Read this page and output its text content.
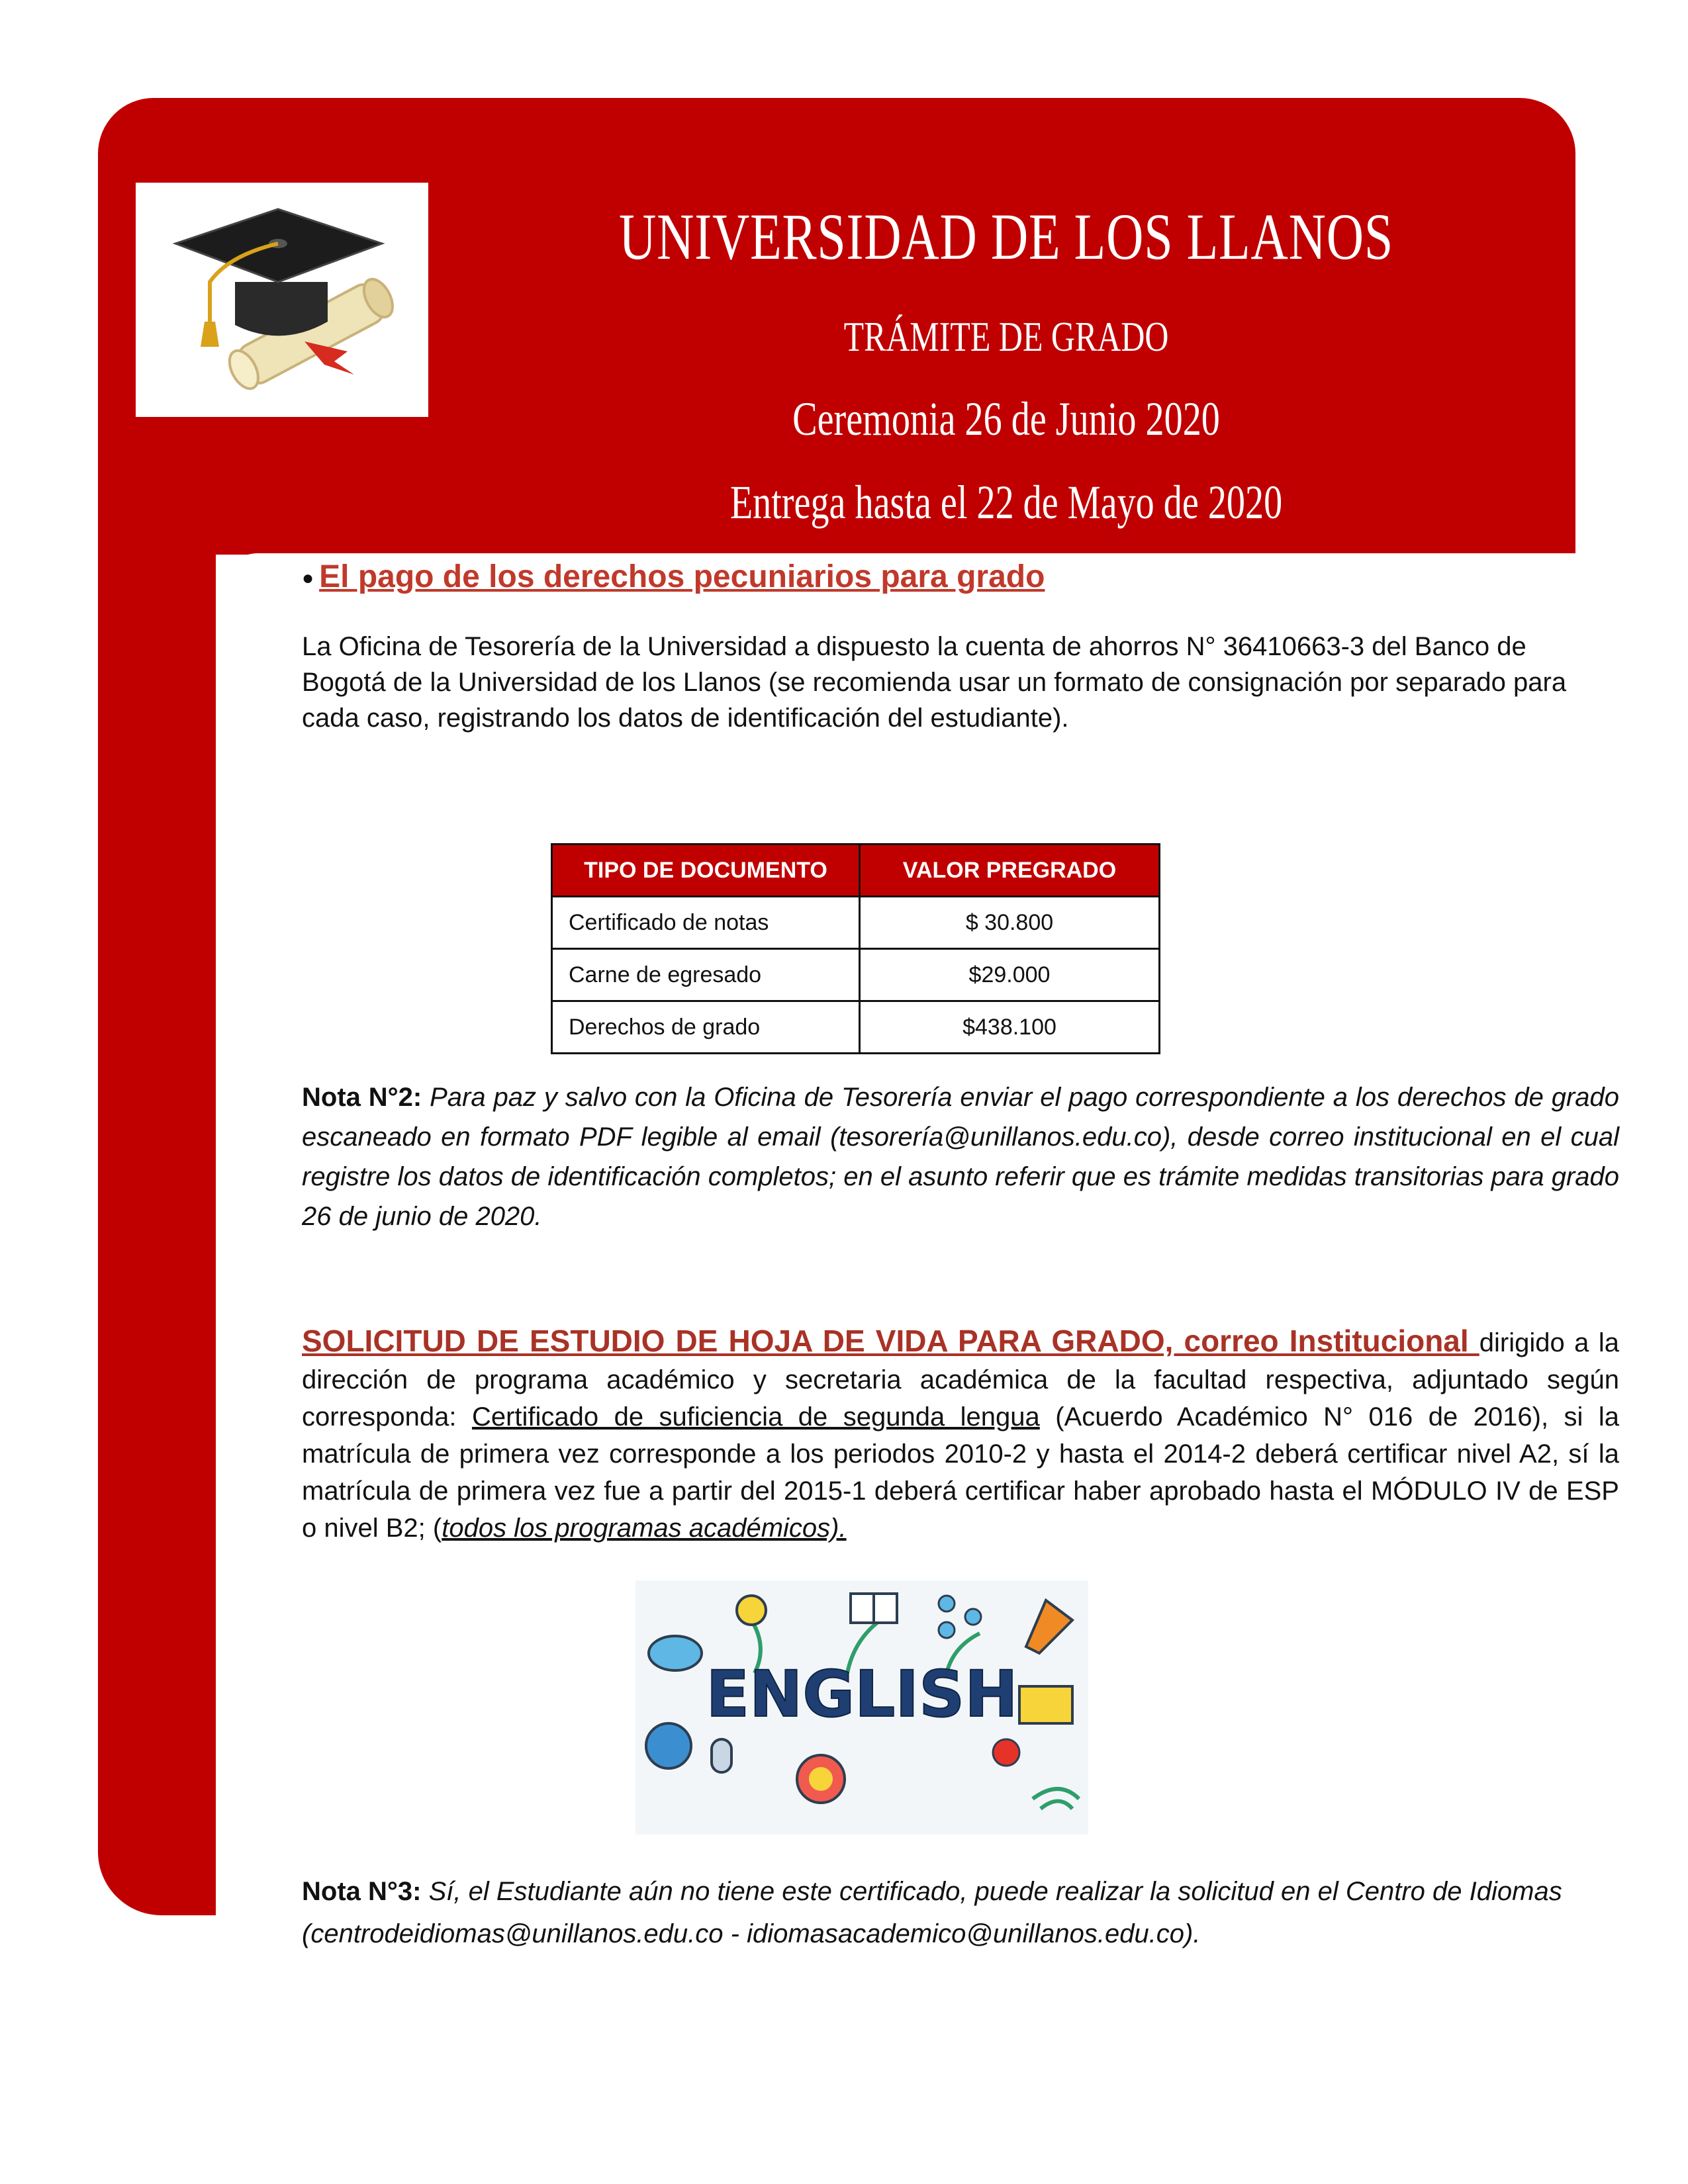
UNIVERSIDAD DE LOS LLANOS
TRÁMITE DE GRADO
Ceremonia 26 de Junio 2020
Entrega hasta el 22 de Mayo de 2020
● El pago de los derechos pecuniarios para grado
La Oficina de Tesorería de la Universidad a dispuesto la cuenta de ahorros N° 36410663-3 del Banco de Bogotá de la Universidad de los Llanos (se recomienda usar un formato de consignación por separado para cada caso, registrando los datos de identificación del estudiante).
TIPO DE DOCUMENTO	VALOR PREGRADO
Certificado de notas	$ 30.800
Carne de egresado	$29.000
Derechos de grado	$438.100
Nota N°2: Para paz y salvo con la Oficina de Tesorería enviar el pago correspondiente a los derechos de grado escaneado en formato PDF legible al email (tesorería@unillanos.edu.co), desde correo institucional en el cual registre los datos de identificación completos; en el asunto referir que es trámite medidas transitorias para grado 26 de junio de 2020.
SOLICITUD DE ESTUDIO DE HOJA DE VIDA PARA GRADO, correo Institucional dirigido a la dirección de programa académico y secretaria académica de la facultad respectiva, adjuntado según corresponda: Certificado de suficiencia de segunda lengua (Acuerdo Académico N° 016 de 2016), si la matrícula de primera vez corresponde a los periodos 2010-2 y hasta el 2014-2 deberá certificar nivel A2, sí la matrícula de primera vez fue a partir del 2015-1 deberá certificar haber aprobado hasta el MÓDULO IV de ESP o nivel B2; (todos los programas académicos).
ENGLISH
Nota N°3: Sí, el Estudiante aún no tiene este certificado, puede realizar la solicitud en el Centro de Idiomas (centrodeidiomas@unillanos.edu.co - idiomasacademico@unillanos.edu.co).
